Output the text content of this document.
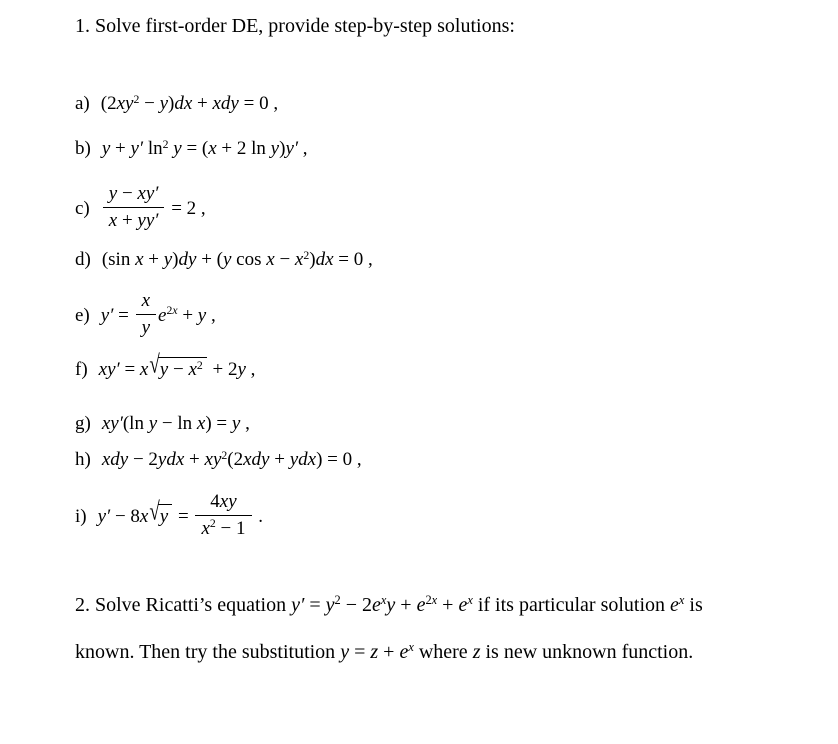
1. Solve first-order DE, provide step-by-step solutions:
a) $(2xy^2 - y)dx$ + xdy = 0 ,
b) y + y′ $\ln^2 y = (x + 2$ ln y)y′ ,
$c) \frac{y - xy'}{x + yy'} = 2$ ,
d) (sin x + y)dy + (y $\cos x - x^2)dx = 0$ ,
e) $y' = \frac{x}{y} e^{2x} + y$ ,
f) $xy' = x√y - x^2 + 2y$ ,
g) xy′(ln y − ln x) = y ,
h) xdy − $2ydx + xy^2(2xdy + ydx) = 0$ ,
i) $y' - 8x√y = \frac{4xy}{x^2 - 1}$ .
2. Solve Ricatti’s equation $y' = y^2 - 2e^xy + e^{2x} + e^x$ if its particular solution $e^x$ is
known. Then try the substitution $y = z + e^x$ where z is new unknown function.
